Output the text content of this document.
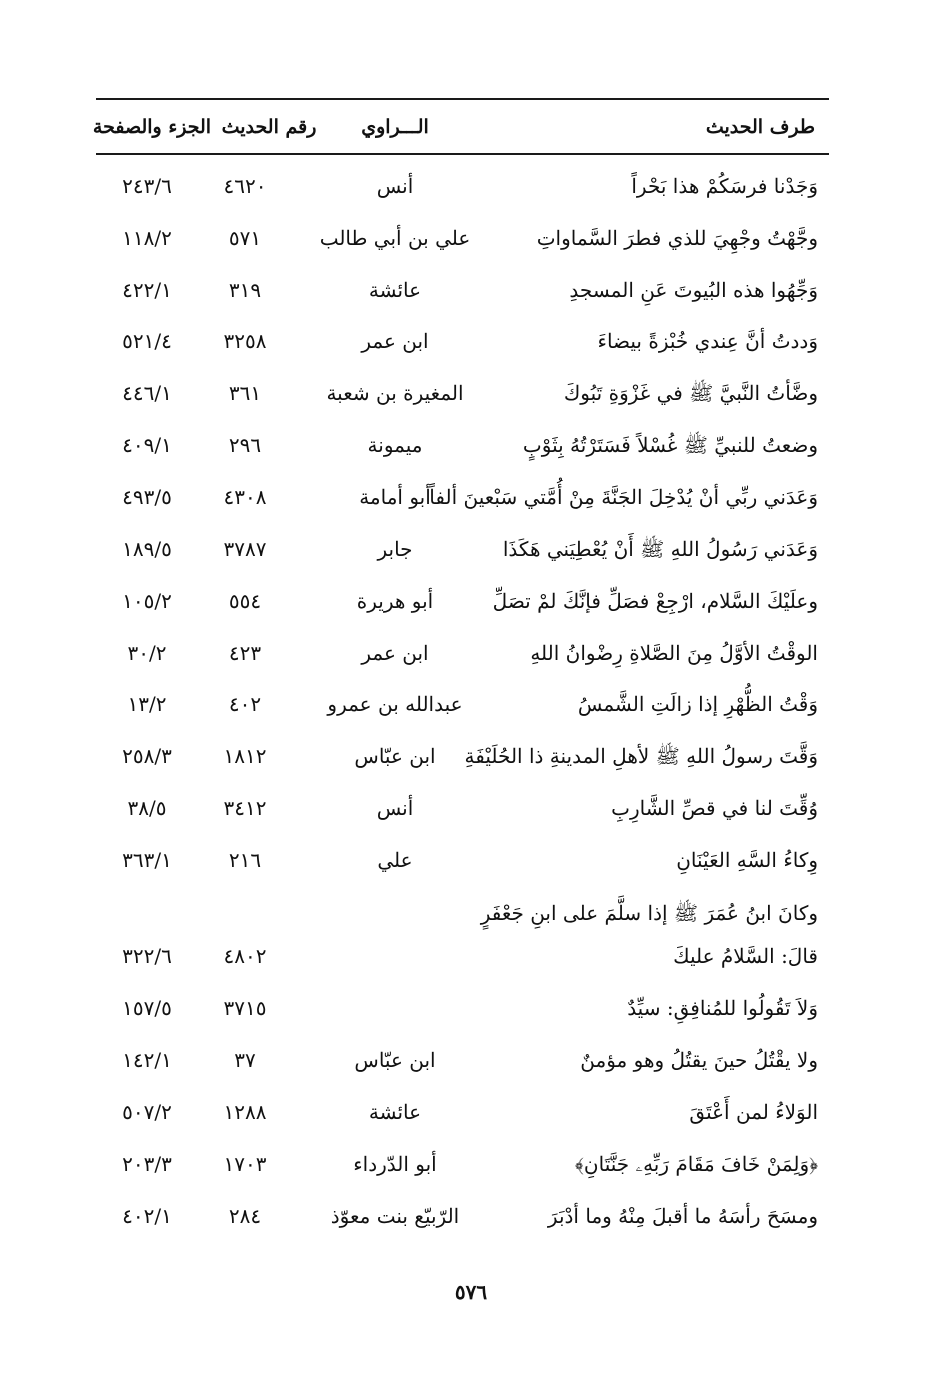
طرف الحديث
الـــراوي
رقم الحديث
الجزء والصفحة
وَجَدْنا فرسَكُمْ هذا بَحْراً
أنس
٤٦٢٠
٢٤٣/٦
وجَّهْتُ وجْهِيَ للذي فطرَ السَّماواتِ
علي بن أبي طالب
٥٧١
١١٨/٢
وَجِّهُوا هذه البُيوتَ عَنِ المسجدِ
عائشة
٣١٩
٤٢٢/١
وَددتُ أنَّ عِندي خُبْزةً بيضاءَ
ابن عمر
٣٢٥٨
٥٢١/٤
وضَّأتُ النَّبيَّ ﷺ في غَزْوَةِ تَبُوكَ
المغيرة بن شعبة
٣٦١
٤٤٦/١
وضعتُ للنبيِّ ﷺ غُسْلاً فَسَتَرْتُهُ بِثَوْبٍ
ميمونة
٢٩٦
٤٠٩/١
وَعَدَني ربِّي أنْ يُدْخِلَ الجَنَّةَ مِنْ أُمَّتي سَبْعينَ ألفاً
أبو أمامة
٤٣٠٨
٤٩٣/٥
وَعَدَني رَسُولُ اللهِ ﷺ أَنْ يُعْطِيَني هَكَذَا
جابر
٣٧٨٧
١٨٩/٥
وعلَيْكَ السَّلام، ارْجِعْ فصَلِّ فإنَّكَ لمْ تصَلِّ
أبو هريرة
٥٥٤
١٠٥/٢
الوقْتُ الأوَّلُ مِنَ الصَّلاةِ رِضْوانُ اللهِ
ابن عمر
٤٢٣
٣٠/٢
وَقْتُ الظُّهْرِ إذا زالَتِ الشَّمسُ
عبدالله بن عمرو
٤٠٢
١٣/٢
وَقَّتَ رسولُ اللهِ ﷺ لأهلِ المدينةِ ذا الحُلَيْفَةِ
ابن عبّاس
١٨١٢
٢٥٨/٣
وُقِّتَ لنا في قصِّ الشَّارِبِ
أنس
٣٤١٢
٣٨/٥
وِكاءُ السَّهِ العَيْنَانِ
علي
٢١٦
٣٦٣/١
وكانَ ابنُ عُمَرَ ﷺ إذا سلَّمَ على ابنِ جَعْفَرٍ
قالَ: السَّلامُ عليكَ
٤٨٠٢
٣٢٢/٦
وَلاَ تَقُولُوا للمُنافِقِ: سيِّدٌ
٣٧١٥
١٥٧/٥
ولا يقْتُلُ حينَ يقتُلُ وهو مؤمنٌ
ابن عبّاس
٣٧
١٤٢/١
الوَلاءُ لمن أَعْتَقَ
عائشة
١٢٨٨
٥٠٧/٢
﴿وَلِمَنْ خَافَ مَقَامَ رَبِّهِۦ جَنَّتَانِ﴾
أبو الدّرداء
١٧٠٣
٢٠٣/٣
ومسَحَ رأسَهُ ما أقبلَ مِنْهُ وما أدْبَرَ
الرّبيّع بنت معوّذ
٢٨٤
٤٠٢/١
٥٧٦
